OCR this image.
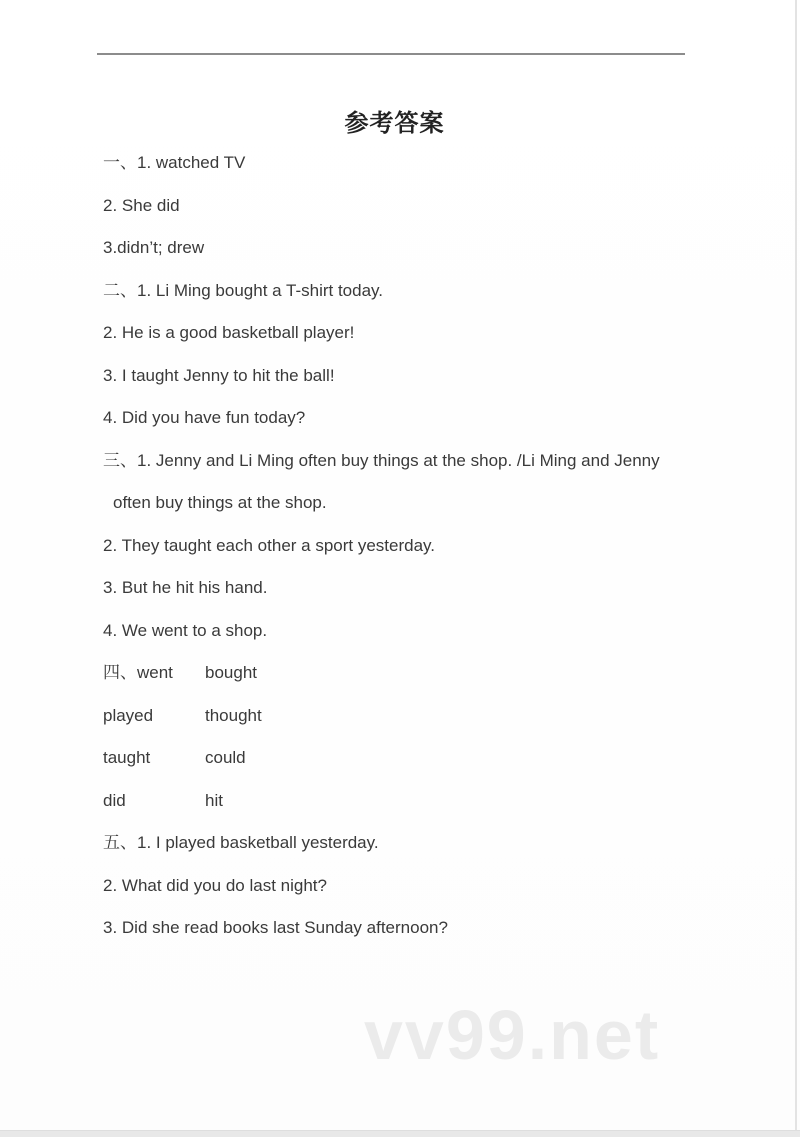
参考答案
一、1. watched TV
2. She did
3.didn’t; drew
二、1. Li Ming bought a T-shirt today.
2. He is a good basketball player!
3. I taught Jenny to hit the ball!
4. Did you have fun today?
三、1. Jenny and Li Ming often buy things at the shop. /Li Ming and Jenny
often buy things at the shop.
2. They taught each other a sport yesterday.
3. But he hit his hand.
4. We went to a shop.
四、went bought
played	thought
taught	could
did	hit
五、1. I played basketball yesterday.
2. What did you do last night?
3. Did she read books last Sunday afternoon?
vv99.net
